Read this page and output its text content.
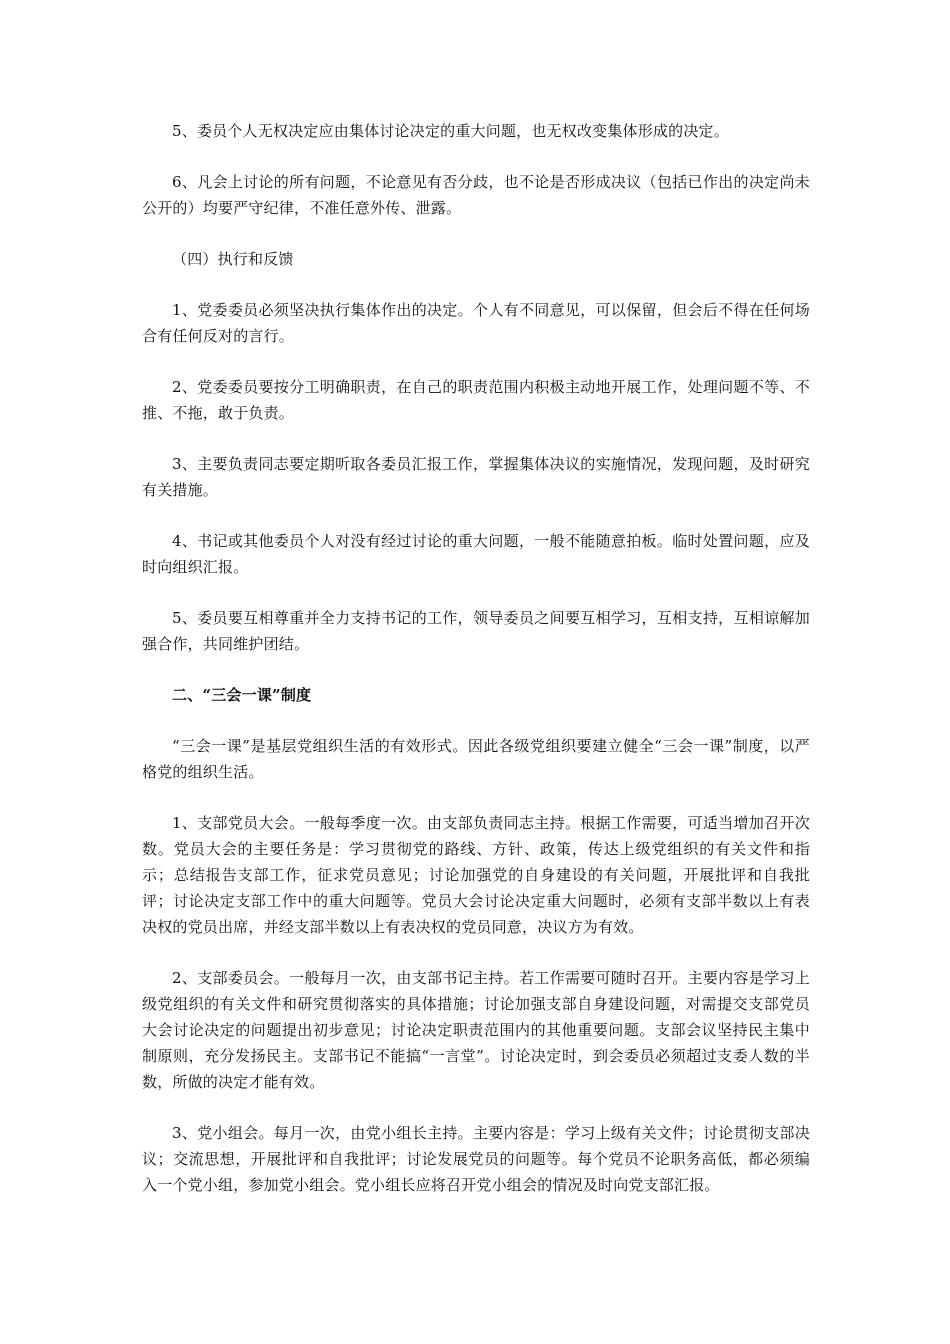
5、委员个人无权决定应由集体讨论决定的重大问题，也无权改变集体形成的决定。

6、凡会上讨论的所有问题，不论意见有否分歧，也不论是否形成决议（包括已作出的决定尚未公开的）均要严守纪律，不准任意外传、泄露。

（四）执行和反馈

1、党委委员必须坚决执行集体作出的决定。个人有不同意见，可以保留，但会后不得在任何场合有任何反对的言行。

2、党委委员要按分工明确职责，在自己的职责范围内积极主动地开展工作，处理问题不等、不推、不拖，敢于负责。

3、主要负责同志要定期听取各委员汇报工作，掌握集体决议的实施情况，发现问题，及时研究有关措施。

4、书记或其他委员个人对没有经过讨论的重大问题，一般不能随意拍板。临时处置问题，应及时向组织汇报。

5、委员要互相尊重并全力支持书记的工作，领导委员之间要互相学习，互相支持，互相谅解加强合作，共同维护团结。

二、“三会一课”制度

“三会一课”是基层党组织生活的有效形式。因此各级党组织要建立健全“三会一课”制度，以严格党的组织生活。

1、支部党员大会。一般每季度一次。由支部负责同志主持。根据工作需要，可适当增加召开次数。党员大会的主要任务是：学习贯彻党的路线、方针、政策，传达上级党组织的有关文件和指示；总结报告支部工作，征求党员意见；讨论加强党的自身建设的有关问题，开展批评和自我批评；讨论决定支部工作中的重大问题等。党员大会讨论决定重大问题时，必须有支部半数以上有表决权的党员出席，并经支部半数以上有表决权的党员同意，决议方为有效。

2、支部委员会。一般每月一次，由支部书记主持。若工作需要可随时召开。主要内容是学习上级党组织的有关文件和研究贯彻落实的具体措施；讨论加强支部自身建设问题，对需提交支部党员大会讨论决定的问题提出初步意见；讨论决定职责范围内的其他重要问题。支部会议坚持民主集中制原则，充分发扬民主。支部书记不能搞“一言堂”。讨论决定时，到会委员必须超过支委人数的半数，所做的决定才能有效。

3、党小组会。每月一次，由党小组长主持。主要内容是：学习上级有关文件；讨论贯彻支部决议；交流思想，开展批评和自我批评；讨论发展党员的问题等。每个党员不论职务高低，都必须编入一个党小组，参加党小组会。党小组长应将召开党小组会的情况及时向党支部汇报。
